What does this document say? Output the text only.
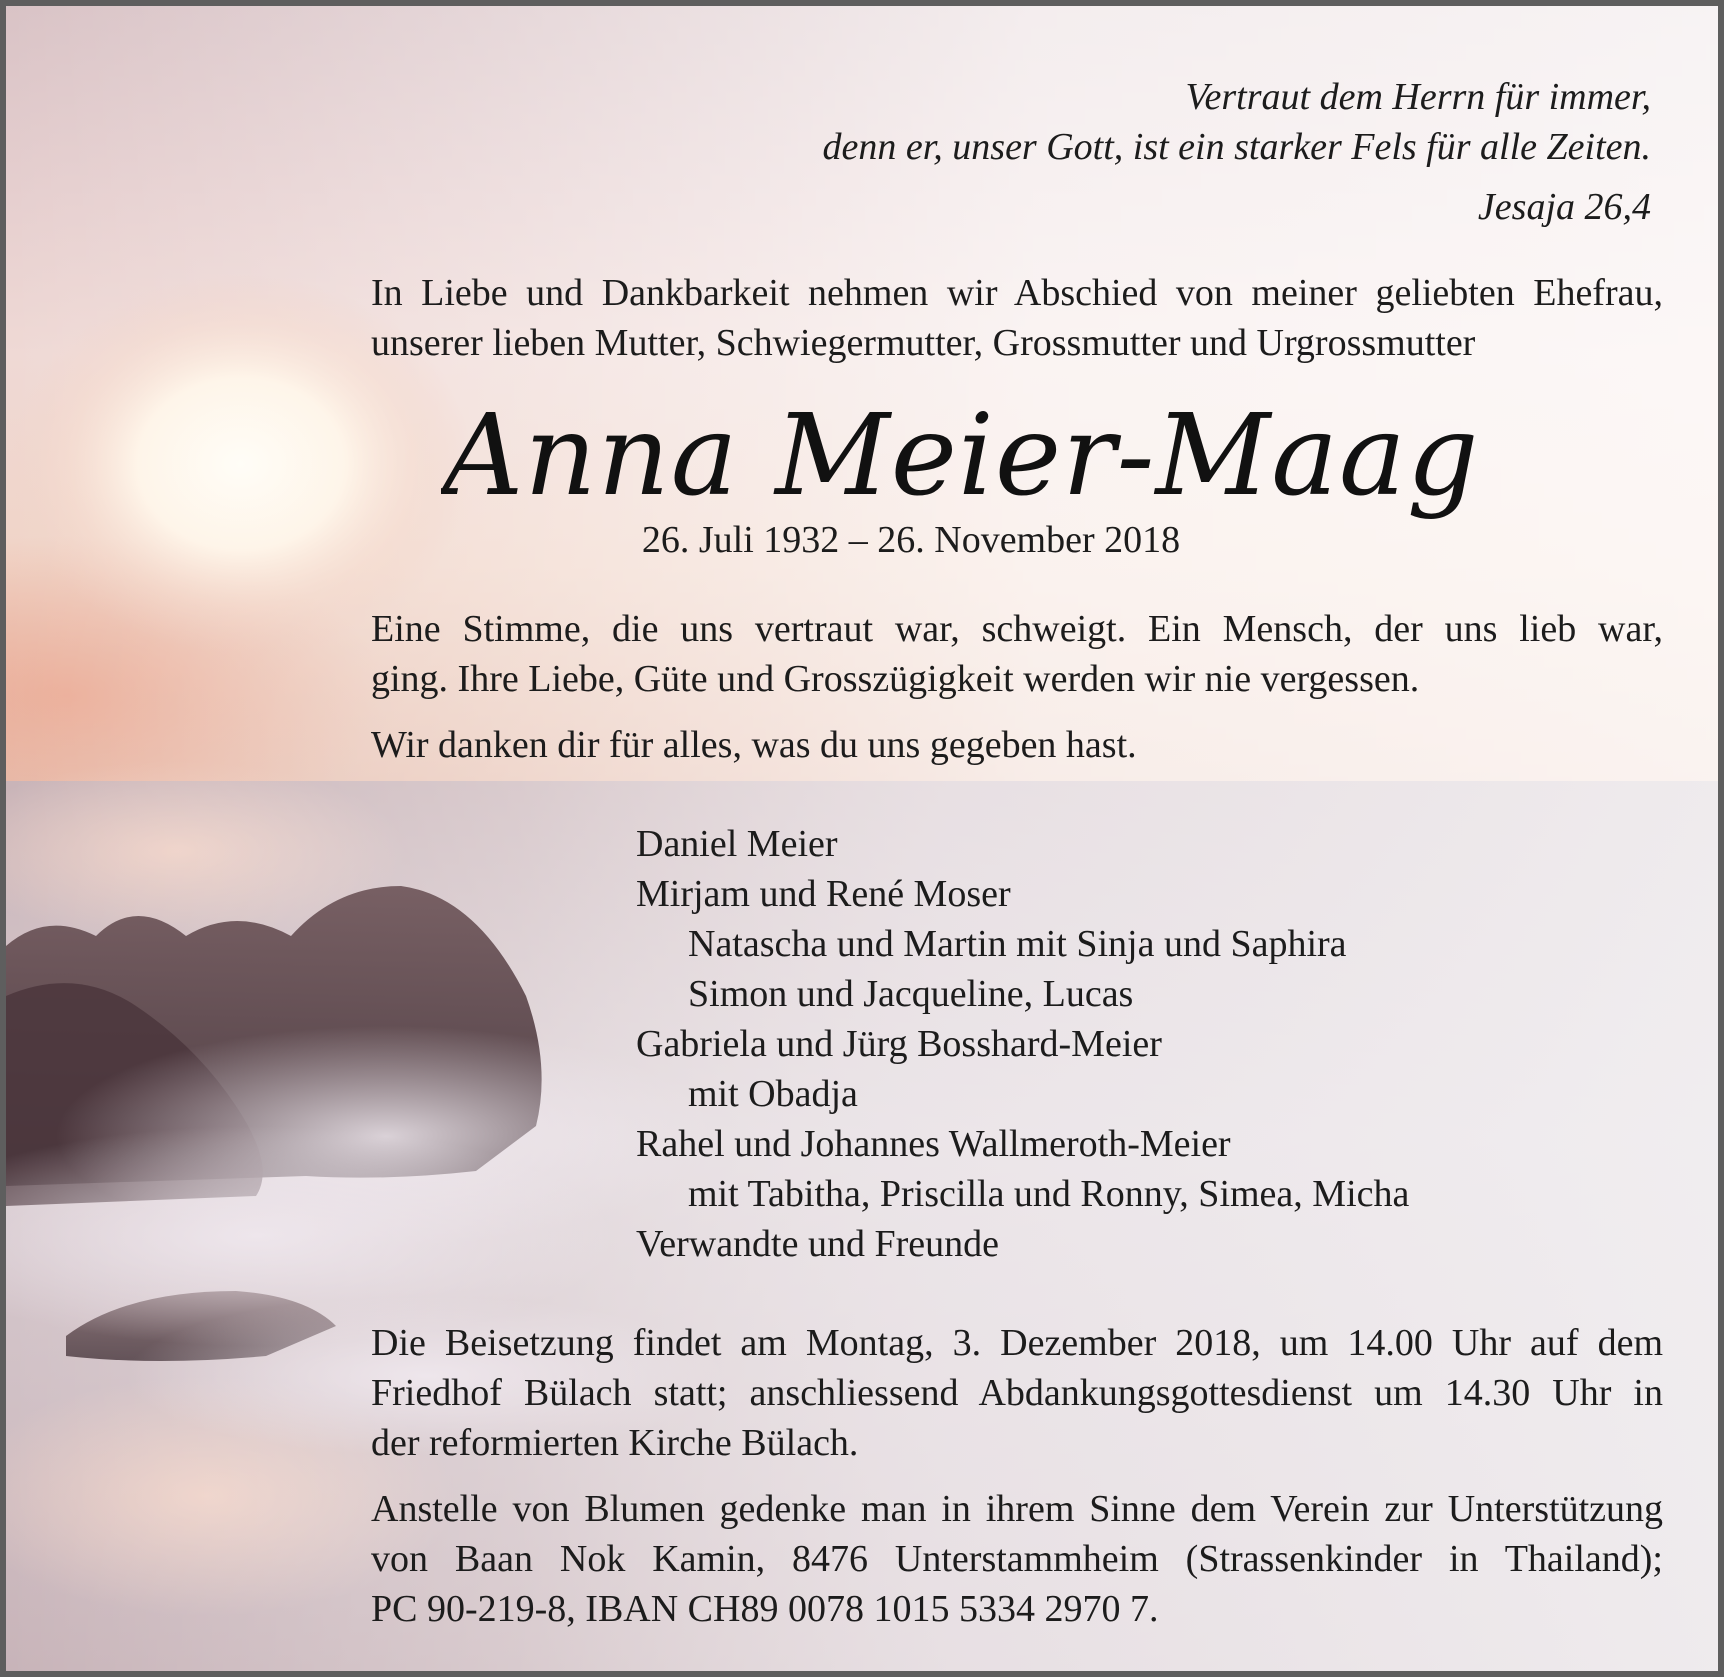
Vertraut dem Herrn für immer,
denn er, unser Gott, ist ein starker Fels für alle Zeiten.
Jesaja 26,4
In Liebe und Dankbarkeit nehmen wir Abschied von meiner geliebten Ehefrau,
unserer lieben Mutter, Schwiegermutter, Grossmutter und Urgrossmutter
Anna Meier-Maag
26. Juli 1932 – 26. November 2018

Eine Stimme, die uns vertraut war, schweigt. Ein Mensch, der uns lieb war,
ging. Ihre Liebe, Güte und Grosszügigkeit werden wir nie vergessen.

Wir danken dir für alles, was du uns gegeben hast.

Daniel Meier
Mirjam und René Moser
Natascha und Martin mit Sinja und Saphira
Simon und Jacqueline, Lucas
Gabriela und Jürg Bosshard-Meier
mit Obadja
Rahel und Johannes Wallmeroth-Meier
mit Tabitha, Priscilla und Ronny, Simea, Micha
Verwandte und Freunde

Die Beisetzung findet am Montag, 3. Dezember 2018, um 14.00 Uhr auf dem
Friedhof Bülach statt; anschliessend Abdankungsgottesdienst um 14.30 Uhr in
der reformierten Kirche Bülach.

Anstelle von Blumen gedenke man in ihrem Sinne dem Verein zur Unterstützung
von Baan Nok Kamin, 8476 Unterstammheim (Strassenkinder in Thailand);
PC 90-219-8, IBAN CH89 0078 1015 5334 2970 7.
